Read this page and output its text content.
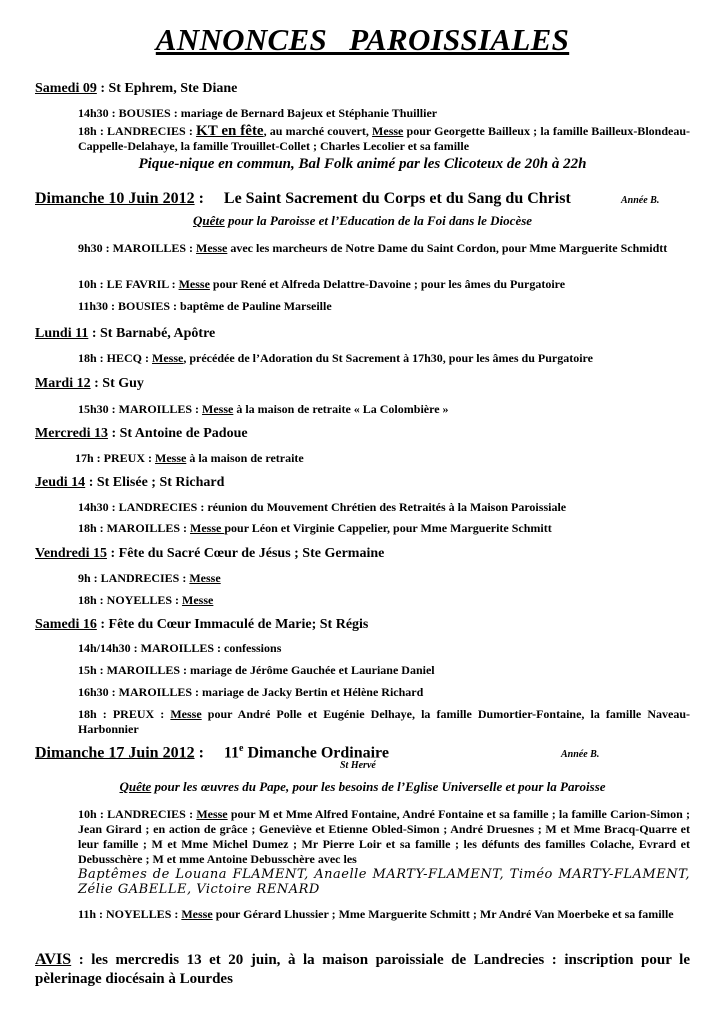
ANNONCES PAROISSIALES
Samedi 09 : St Ephrem, Ste Diane
14h30 : BOUSIES : mariage de Bernard Bajeux et Stéphanie Thuillier
18h : LANDRECIES : KT en fête, au marché couvert, Messe pour Georgette Bailleux ; la famille Bailleux-Blondeau-Cappelle-Delahaye, la famille Trouillet-Collet ; Charles Lecolier et sa famille
Pique-nique en commun, Bal Folk animé par les Clicoteux de 20h à 22h
Dimanche 10 Juin 2012 :     Le Saint Sacrement du Corps et du Sang du Christ	Année B.
Quête pour la Paroisse et l’Education de la Foi dans le Diocèse
9h30 : MAROILLES : Messe avec les marcheurs de Notre Dame du Saint Cordon, pour Mme Marguerite Schmidtt
10h : LE FAVRIL : Messe pour René et Alfreda Delattre-Davoine ; pour les âmes du Purgatoire
11h30 : BOUSIES : baptême de Pauline Marseille
Lundi 11 : St Barnabé, Apôtre
18h : HECQ : Messe, précédée de l’Adoration du St Sacrement à 17h30, pour les âmes du Purgatoire
Mardi 12 : St Guy
15h30 : MAROILLES : Messe à la maison de retraite « La Colombière »
Mercredi 13 : St Antoine de Padoue
17h : PREUX : Messe à la maison de retraite
Jeudi 14 : St Elisée ; St Richard
14h30 : LANDRECIES : réunion du Mouvement Chrétien des Retraités à la Maison Paroissiale
18h : MAROILLES : Messe pour Léon et Virginie Cappelier, pour Mme Marguerite Schmitt
Vendredi 15 : Fête du Sacré Cœur de Jésus ; Ste Germaine
9h : LANDRECIES : Messe
18h : NOYELLES : Messe
Samedi 16 : Fête du Cœur Immaculé de Marie; St Régis
14h/14h30 : MAROILLES : confessions
15h : MAROILLES : mariage de Jérôme Gauchée et Lauriane Daniel
16h30 : MAROILLES : mariage de Jacky Bertin et Hélène Richard
18h : PREUX : Messe pour André Polle et Eugénie Delhaye, la famille Dumortier-Fontaine, la famille Naveau-Harbonnier
Dimanche 17 Juin 2012 :     11e Dimanche Ordinaire	Année B.
St Hervé
Quête pour les œuvres du Pape, pour les besoins de l’Eglise Universelle et pour la Paroisse
10h : LANDRECIES : Messe pour M et Mme Alfred Fontaine, André Fontaine et sa famille ; la famille Carion-Simon ; Jean Girard ; en action de grâce ; Geneviève et Etienne Obled-Simon ; André Druesnes ; M et Mme Bracq-Quarre et leur famille ; M et Mme Michel Dumez ; Mr Pierre Loir et sa famille ; les défunts des familles Colache, Evrard et Debusschère ; M et mme Antoine Debusschère avec les
Baptêmes de Louana FLAMENT, Anaelle MARTY-FLAMENT, Timéo MARTY-FLAMENT, Zélie GABELLE, Victoire RENARD
11h : NOYELLES : Messe pour Gérard Lhussier ; Mme Marguerite Schmitt ; Mr André Van Moerbeke et sa famille
AVIS : les mercredis 13 et 20 juin, à la maison paroissiale de Landrecies : inscription pour le pèlerinage diocésain à Lourdes
